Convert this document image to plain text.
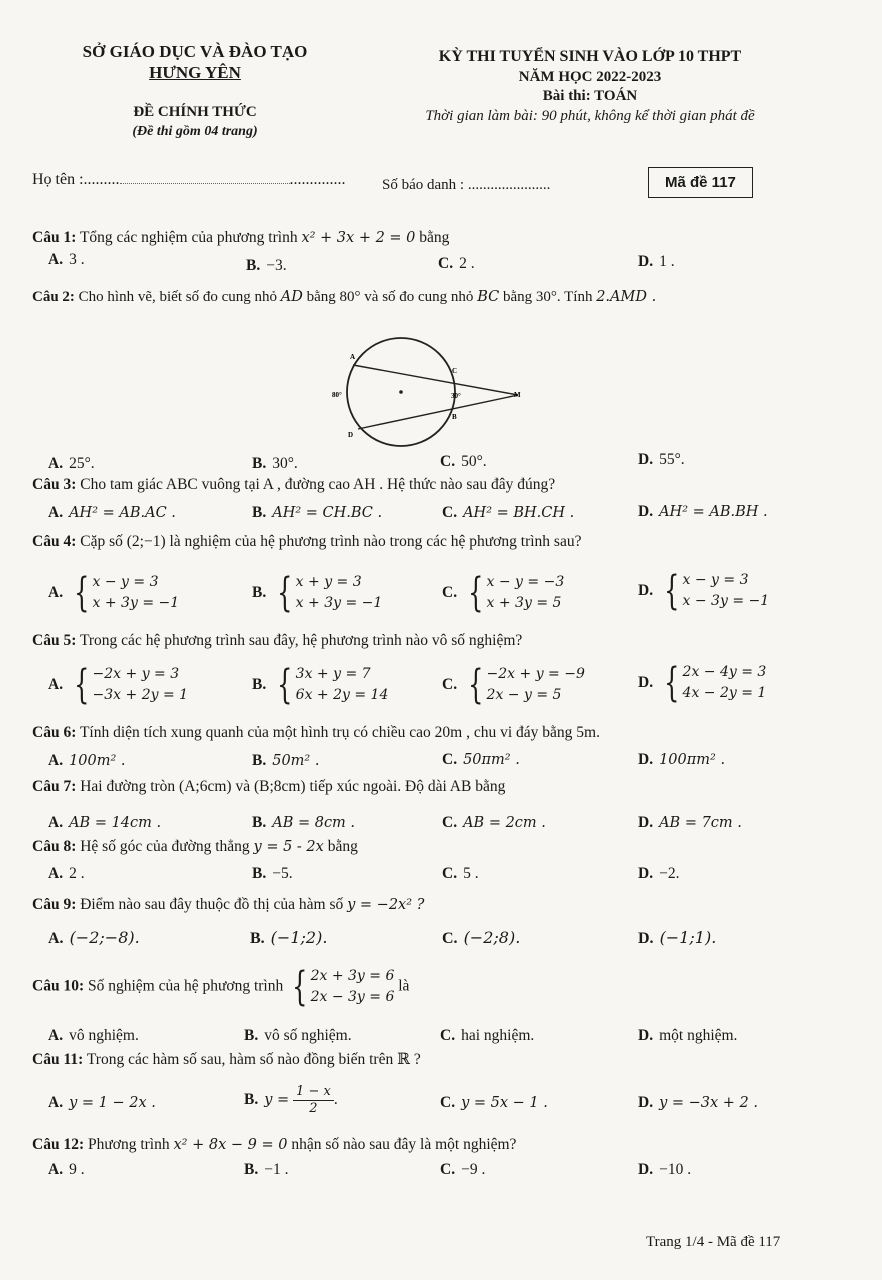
SỞ GIÁO DỤC VÀ ĐÀO TẠO
HƯNG YÊN
ĐỀ CHÍNH THỨC
(Đề thi gồm 04 trang)
KỲ THI TUYỂN SINH VÀO LỚP 10 THPT
NĂM HỌC 2022-2023
Bài thi: TOÁN
Thời gian làm bài: 90 phút, không kể thời gian phát đề
Họ tên :.........	.............. Số báo danh : ......................	Mã đề 117
Câu 1: Tổng các nghiệm của phương trình x² + 3x + 2 = 0 bằng
A. 3 .	B. −3.	C. 2 .	D. 1 .
Câu 2: Cho hình vẽ, biết số đo cung nhỏ AD bằng 80° và số đo cung nhỏ BC bằng 30°. Tính 2.AMD .
A
C
M
B
D
80°	30°
A. 25°.	B. 30°.	C. 50°.	D. 55°.
Câu 3: Cho tam giác ABC vuông tại A , đường cao AH . Hệ thức nào sau đây đúng?
A. AH² = AB.AC .	B. AH² = CH.BC .	C. AH² = BH.CH .	D. AH² = AB.BH .
Câu 4: Cặp số (2;−1) là nghiệm của hệ phương trình nào trong các hệ phương trình sau?
A. { x − y = 3
x + 3y = −1
B. { x + y = 3
x + 3y = −1
C. { x − y = −3
x + 3y = 5
D. { x − y = 3
x − 3y = −1
Câu 5: Trong các hệ phương trình sau đây, hệ phương trình nào vô số nghiệm?
A. { −2x + y = 3
−3x + 2y = 1
B. { 3x + y = 7
6x + 2y = 14
C. { −2x + y = −9
2x − y = 5
D. { 2x − 4y = 3
4x − 2y = 1
Câu 6: Tính diện tích xung quanh của một hình trụ có chiều cao 20m , chu vi đáy bằng 5m.
A. 100m² .	B. 50m² .	C. 50πm² .	D. 100πm² .
Câu 7: Hai đường tròn (A;6cm) và (B;8cm) tiếp xúc ngoài. Độ dài AB bằng
A. AB = 14cm .	B. AB = 8cm .	C. AB = 2cm .	D. AB = 7cm .
Câu 8: Hệ số góc của đường thẳng y = 5 - 2x bằng
A. 2 .	B. −5.	C. 5 .	D. −2.
Câu 9: Điểm nào sau đây thuộc đồ thị của hàm số y = −2x² ?
A. (−2;−8).	B. (−1;2).	C. (−2;8).	D. (−1;1).
Câu 10: Số nghiệm của hệ phương trình { 2x + 3y = 6
2x − 3y = 6
là
A. vô nghiệm.	B. vô số nghiệm.	C. hai nghiệm.	D. một nghiệm.
Câu 11: Trong các hàm số sau, hàm số nào đồng biến trên ℝ ?
A. y = 1 − 2x .	B. $y = \frac{1 - x}{2}$ .	C. y = 5x − 1 .	D. y = −3x + 2 .
Câu 12: Phương trình x² + 8x − 9 = 0 nhận số nào sau đây là một nghiệm?
A. 9 .	B. −1 .	C. −9 .	D. −10 .
Trang 1/4 - Mã đề 117
